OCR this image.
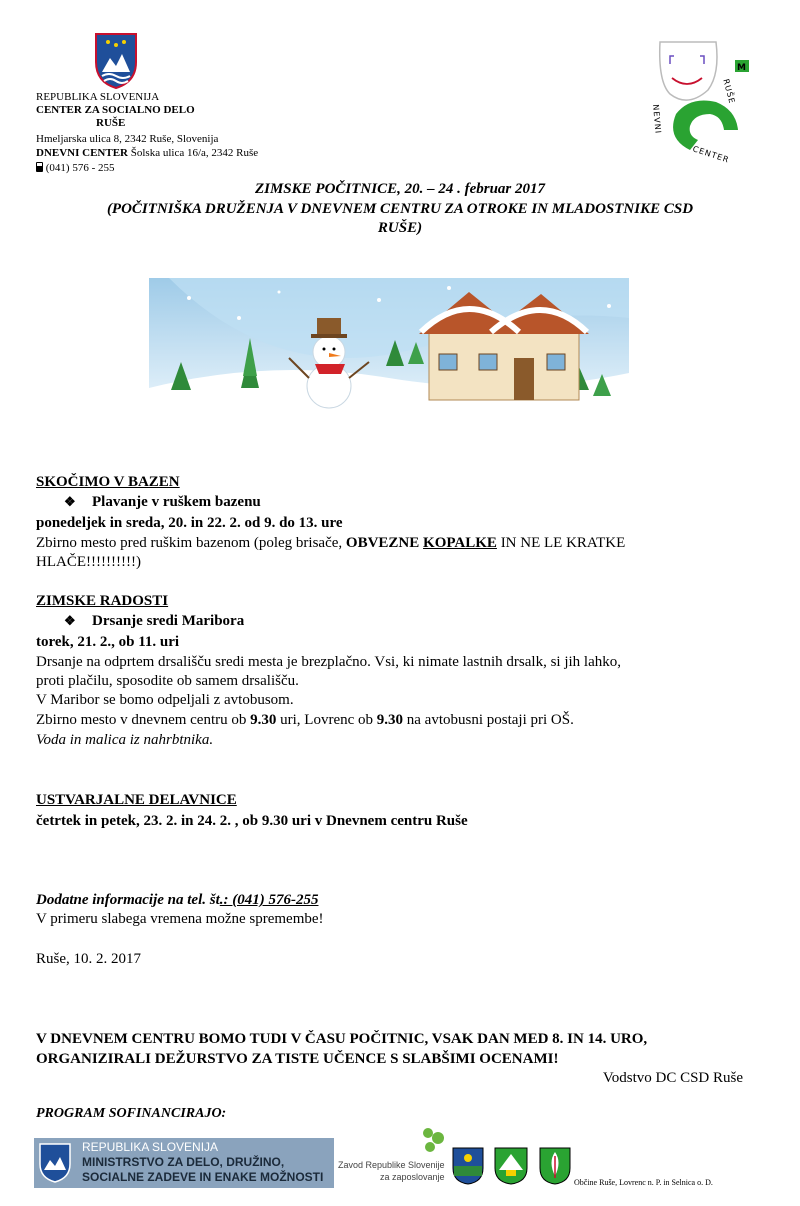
REPUBLIKA SLOVENIJA
CENTER ZA SOCIALNO DELO
RUŠE
Hmeljarska ulica 8, 2342 Ruše, Slovenija
DNEVNI CENTER Šolska ulica 16/a, 2342 Ruše
(041) 576 - 255
M
NEVNI
CENTER
RUŠE
ZIMSKE POČITNICE, 20. – 24 . februar 2017
(POČITNIŠKA DRUŽENJA V DNEVNEM CENTRU ZA OTROKE IN MLADOSTNIKE CSD
RUŠE)
SKOČIMO V BAZEN
❖ Plavanje v ruškem bazenu
ponedeljek in sreda, 20. in 22. 2. od 9. do 13. ure
Zbirno mesto pred ruškim bazenom (poleg brisače, OBVEZNE KOPALKE IN NE LE KRATKE
HLAČE!!!!!!!!!!)
ZIMSKE RADOSTI
❖ Drsanje sredi Maribora
torek, 21. 2., ob 11. uri
Drsanje na odprtem drsališču sredi mesta je brezplačno. Vsi, ki nimate lastnih drsalk, si jih lahko,
proti plačilu, sposodite ob samem drsališču.
V Maribor se bomo odpeljali z avtobusom.
Zbirno mesto v dnevnem centru ob 9.30 uri, Lovrenc ob 9.30 na avtobusni postaji pri OŠ.
Voda in malica iz nahrbtnika.
USTVARJALNE DELAVNICE
četrtek in petek, 23. 2. in 24. 2. , ob 9.30 uri v Dnevnem centru Ruše
Dodatne informacije na tel. št.: (041) 576-255
V primeru slabega vremena možne spremembe!
Ruše, 10. 2. 2017
V DNEVNEM CENTRU BOMO TUDI V ČASU POČITNIC, VSAK DAN MED 8. IN 14. URO,
ORGANIZIRALI DEŽURSTVO ZA TISTE UČENCE S SLABŠIMI OCENAMI!
Vodstvo DC CSD Ruše
PROGRAM SOFINANCIRAJO:
REPUBLIKA SLOVENIJA
MINISTRSTVO ZA DELO, DRUŽINO,
SOCIALNE ZADEVE IN ENAKE MOŽNOSTI
Zavod Republike Slovenije
za zaposlovanje
Občine Ruše, Lovrenc n. P. in Selnica o. D.
